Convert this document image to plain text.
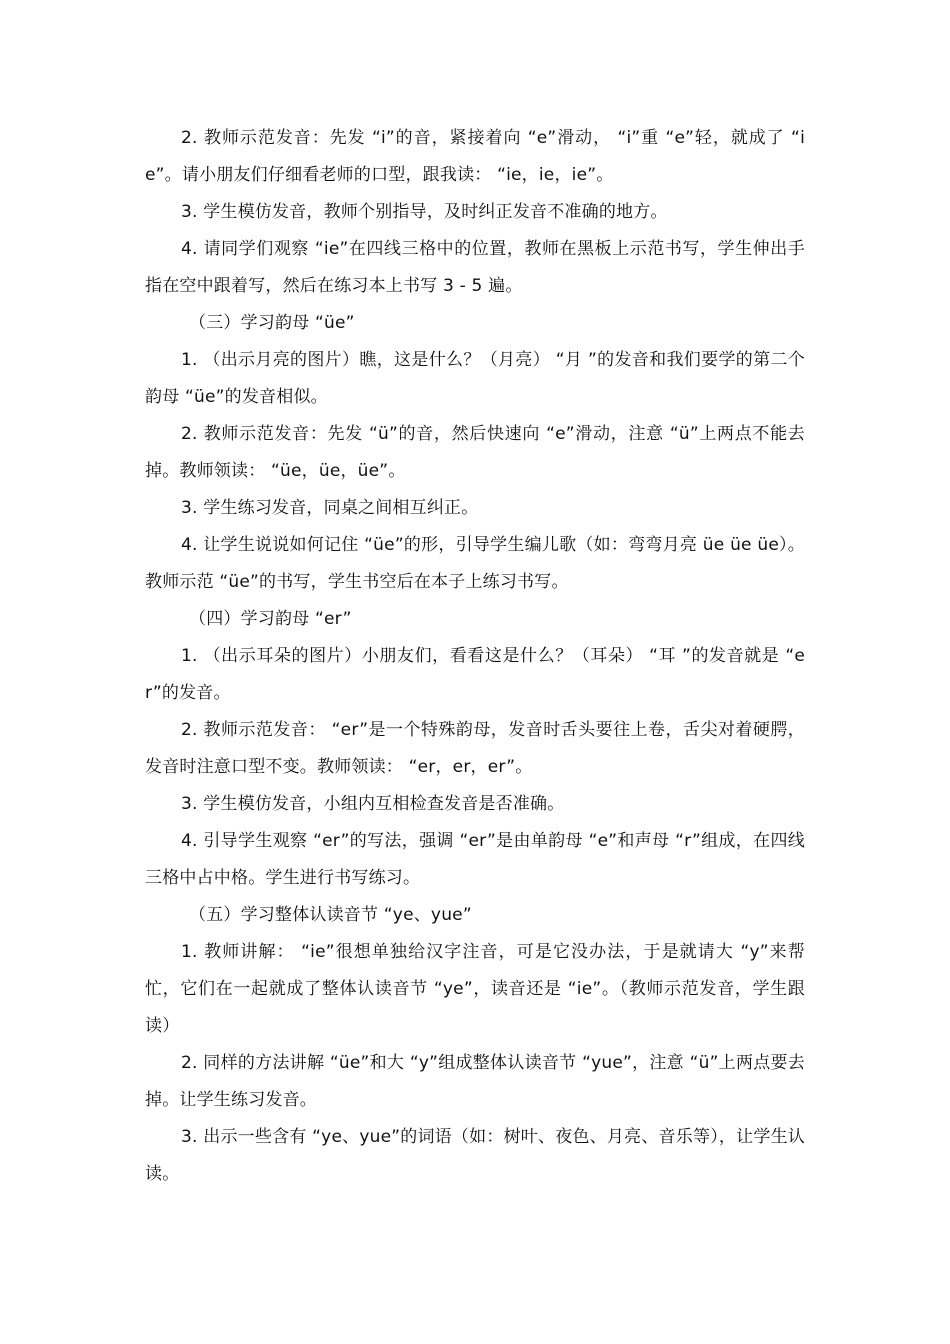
2. 教师示范发音：先发 “i”的音，紧接着向 “e”滑动， “i”重 “e”轻，就成了 “ie”。请小朋友们仔细看老师的口型，跟我读： “ie，ie，ie”。

3. 学生模仿发音，教师个别指导，及时纠正发音不准确的地方。

4. 请同学们观察 “ie”在四线三格中的位置，教师在黑板上示范书写，学生伸出手指在空中跟着写，然后在练习本上书写 3 - 5 遍。

（三）学习韵母 “üe”

1. （出示月亮的图片）瞧，这是什么？（月亮） “月 ”的发音和我们要学的第二个韵母 “üe”的发音相似。

2. 教师示范发音：先发 “ü”的音，然后快速向 “e”滑动，注意 “ü”上两点不能去掉。教师领读： “üe，üe，üe”。

3. 学生练习发音，同桌之间相互纠正。

4. 让学生说说如何记住 “üe”的形，引导学生编儿歌（如：弯弯月亮 üe üe üe）。教师示范 “üe”的书写，学生书空后在本子上练习书写。

（四）学习韵母 “er”

1. （出示耳朵的图片）小朋友们，看看这是什么？（耳朵） “耳 ”的发音就是 “er”的发音。

2. 教师示范发音： “er”是一个特殊韵母，发音时舌头要往上卷，舌尖对着硬腭，发音时注意口型不变。教师领读： “er，er，er”。

3. 学生模仿发音，小组内互相检查发音是否准确。

4. 引导学生观察 “er”的写法，强调 “er”是由单韵母 “e”和声母 “r”组成，在四线三格中占中格。学生进行书写练习。

（五）学习整体认读音节 “ye、yue”

1. 教师讲解： “ie”很想单独给汉字注音，可是它没办法，于是就请大 “y”来帮忙，它们在一起就成了整体认读音节 “ye”，读音还是 “ie”。（教师示范发音，学生跟读）

2. 同样的方法讲解 “üe”和大 “y”组成整体认读音节 “yue”，注意 “ü”上两点要去掉。让学生练习发音。

3. 出示一些含有 “ye、yue”的词语（如：树叶、夜色、月亮、音乐等），让学生认读。
